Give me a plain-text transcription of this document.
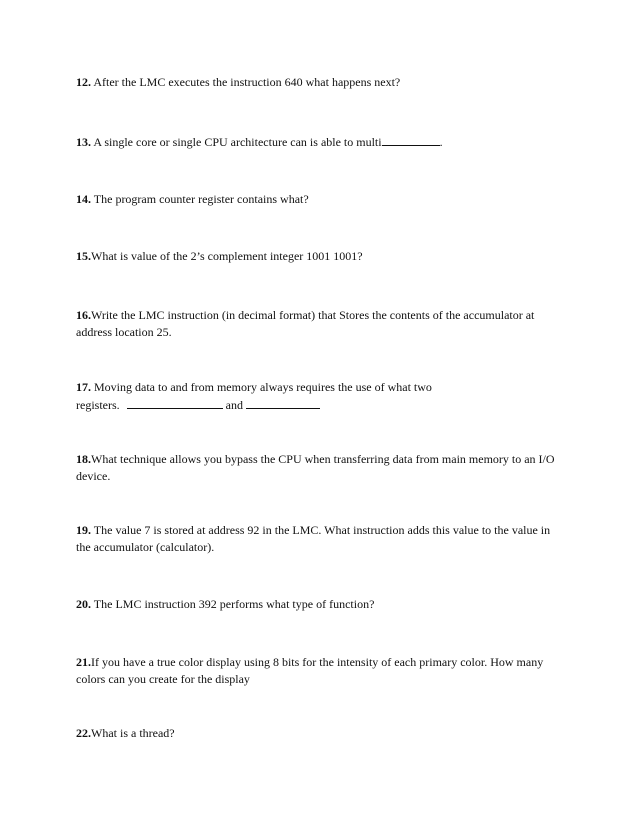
12. After the LMC executes the instruction 640 what happens next?

13. A single core or single CPU architecture can is able to multi	.

14. The program counter register contains what?

15.What is value of the 2’s complement integer 1001 1001?

16.Write the LMC instruction (in decimal format) that Stores the contents of the accumulator at address location 25.

17. Moving data to and from memory always requires the use of what two
registers.	and

18.What technique allows you bypass the CPU when transferring data from main memory to an I/O device.

19. The value 7 is stored at address 92 in the LMC. What instruction adds this value to the value in the accumulator (calculator).

20. The LMC instruction 392 performs what type of function?

21.If you have a true color display using 8 bits for the intensity of each primary color. How many colors can you create for the display

22.What is a thread?
